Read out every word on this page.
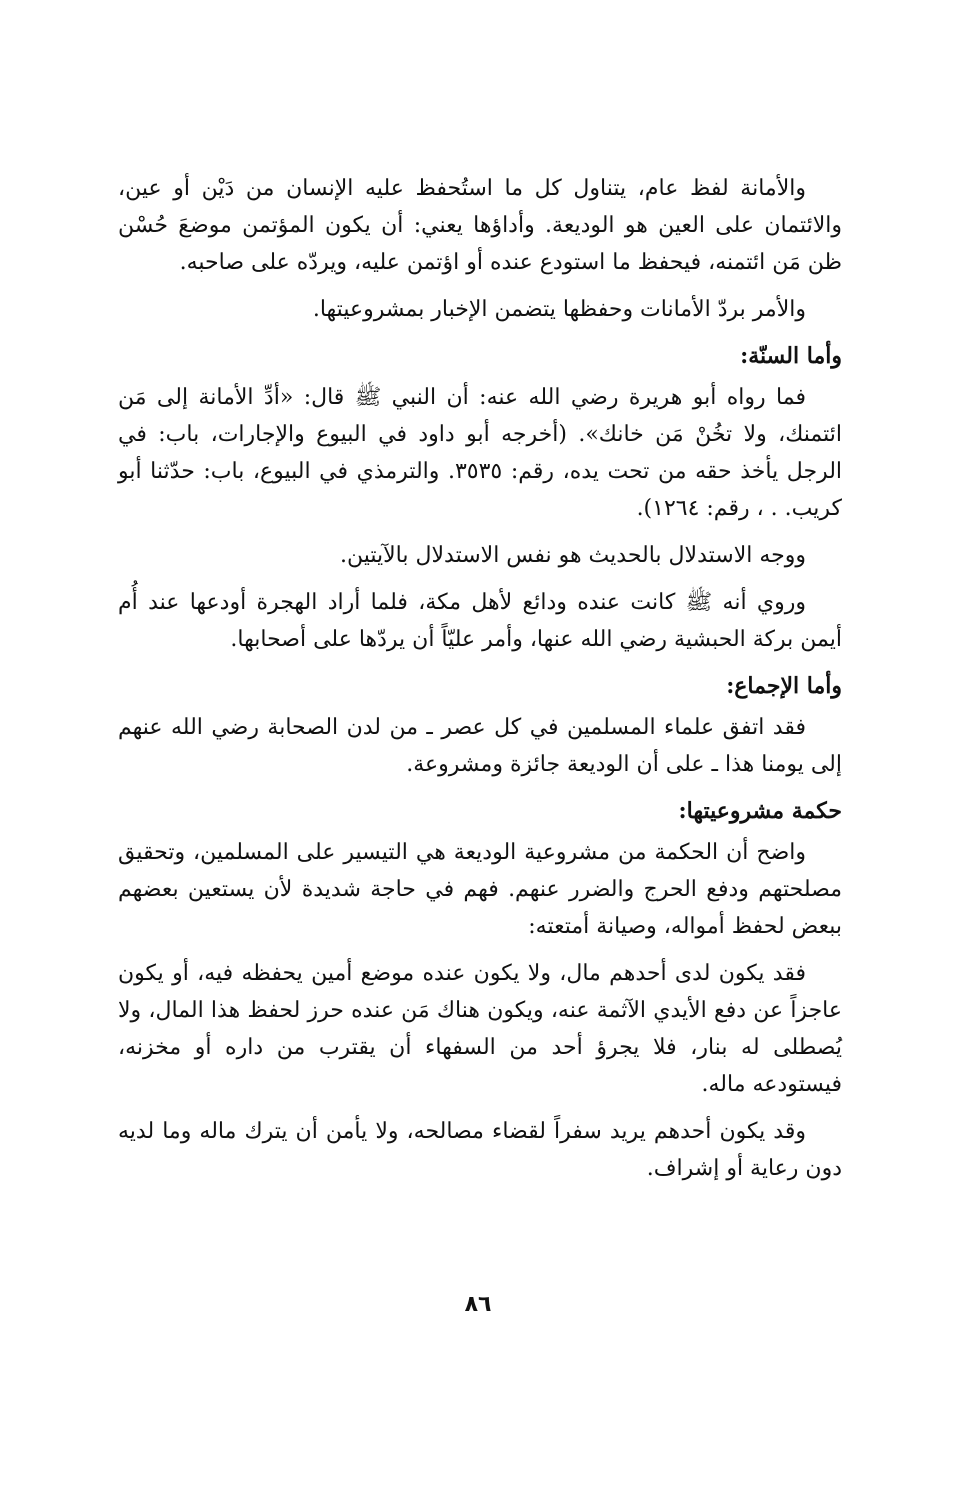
والأمانة لفظ عام، يتناول كل ما استُحفظ عليه الإنسان من دَيْن أو عين، والائتمان على العين هو الوديعة. وأداؤها يعني: أن يكون المؤتمن موضعَ حُسْن ظن مَن ائتمنه، فيحفظ ما استودع عنده أو اؤتمن عليه، ويردّه على صاحبه.

والأمر بردّ الأمانات وحفظها يتضمن الإخبار بمشروعيتها.

وأما السنّة:

فما رواه أبو هريرة رضي الله عنه: أن النبي ﷺ قال: «أدِّ الأمانة إلى مَن ائتمنك، ولا تخُنْ مَن خانك». (أخرجه أبو داود في البيوع والإجارات، باب: في الرجل يأخذ حقه من تحت يده، رقم: ٣٥٣٥. والترمذي في البيوع، باب: حدّثنا أبو كريب. . ، رقم: ١٢٦٤).

ووجه الاستدلال بالحديث هو نفس الاستدلال بالآيتين.

وروي أنه ﷺ كانت عنده ودائع لأهل مكة، فلما أراد الهجرة أودعها عند أُم أيمن بركة الحبشية رضي الله عنها، وأمر عليّاً أن يردّها على أصحابها.

وأما الإجماع:

فقد اتفق علماء المسلمين في كل عصر ـ من لدن الصحابة رضي الله عنهم إلى يومنا هذا ـ على أن الوديعة جائزة ومشروعة.

حكمة مشروعيتها:

واضح أن الحكمة من مشروعية الوديعة هي التيسير على المسلمين، وتحقيق مصلحتهم ودفع الحرج والضرر عنهم. فهم في حاجة شديدة لأن يستعين بعضهم ببعض لحفظ أمواله، وصيانة أمتعته:

فقد يكون لدى أحدهم مال، ولا يكون عنده موضع أمين يحفظه فيه، أو يكون عاجزاً عن دفع الأيدي الآثمة عنه، ويكون هناك مَن عنده حرز لحفظ هذا المال، ولا يُصطلى له بنار، فلا يجرؤ أحد من السفهاء أن يقترب من داره أو مخزنه، فيستودعه ماله.

وقد يكون أحدهم يريد سفراً لقضاء مصالحه، ولا يأمن أن يترك ماله وما لديه دون رعاية أو إشراف.

٨٦
